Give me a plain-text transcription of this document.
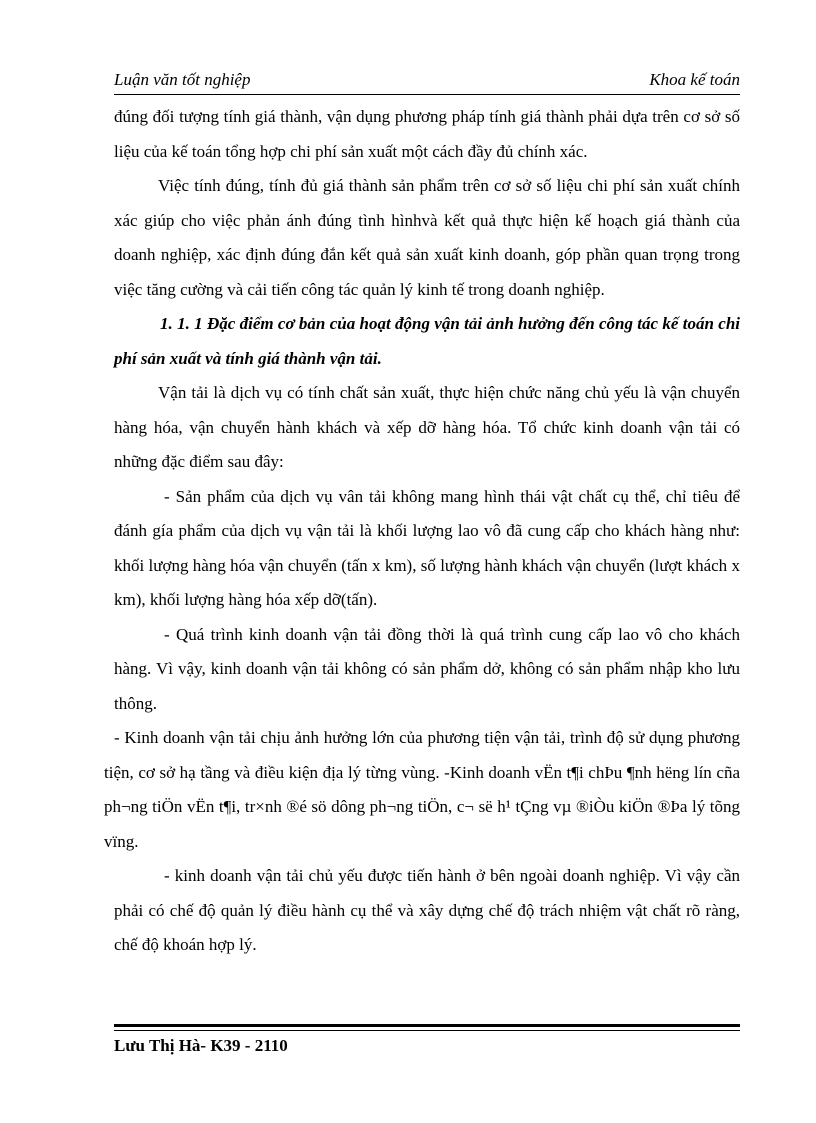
Luận văn tốt nghiệp	Khoa kế toán

đúng đối tượng tính giá thành, vận dụng phương pháp tính giá thành phải dựa trên cơ sở số liệu của kế toán tổng hợp chi phí sản xuất một cách đầy đủ chính xác.

Việc tính đúng, tính đủ giá thành sản phẩm trên cơ sở số liệu chi phí sản xuất chính xác giúp cho việc phản ánh đúng tình hìnhvà kết quả thực hiện kế hoạch giá thành của doanh nghiệp, xác định đúng đắn kết quả sản xuất kinh doanh, góp phần quan trọng trong việc tăng cường và cải tiến công tác quản lý kinh tế trong doanh nghiệp.

1. 1. 1 Đặc điểm cơ bản của hoạt động vận tải ảnh hưởng đến công tác kế toán chi phí sản xuất và tính giá thành vận tải.

Vận tải là dịch vụ có tính chất sản xuất, thực hiện chức năng chủ yếu là vận chuyển hàng hóa, vận chuyển hành khách và xếp dỡ hàng hóa. Tổ chức kinh doanh vận tải có những đặc điểm sau đây:

- Sản phẩm của dịch vụ vân tải không mang hình thái vật chất cụ thể, chỉ tiêu để đánh gía phẩm của dịch vụ vận tải là khối lượng lao vô đã cung cấp cho khách hàng như: khối lượng hàng hóa vận chuyển (tấn x km), số lượng hành khách vận chuyển (lượt khách x km), khối lượng hàng hóa xếp dỡ(tấn).

- Quá trình kinh doanh vận tải đồng thời là quá trình cung cấp lao vô cho khách hàng. Vì vậy, kinh doanh vận tải không có sản phẩm dở, không có sản phẩm nhập kho lưu thông.

- Kinh doanh vận tải chịu ảnh hưởng lớn của phương tiện vận tải, trình độ sử dụng phương tiện, cơ sở hạ tầng và điều kiện địa lý từng vùng. -Kinh doanh vËn t¶i chÞu ¶nh hëng lín cña ph¬ng tiÖn vËn t¶i, tr×nh ®é sö dông ph¬ng tiÖn, c¬ së h¹ tÇng vµ ®iÒu kiÖn ®Þa lý tõng vïng.

- kinh doanh vận tải chủ yếu được tiến hành ở bên ngoài doanh nghiệp. Vì vậy cần phải có chế độ quản lý điều hành cụ thể và xây dựng chế độ trách nhiệm vật chất rõ ràng, chế độ khoán hợp lý.

Lưu Thị Hà- K39 - 2110
